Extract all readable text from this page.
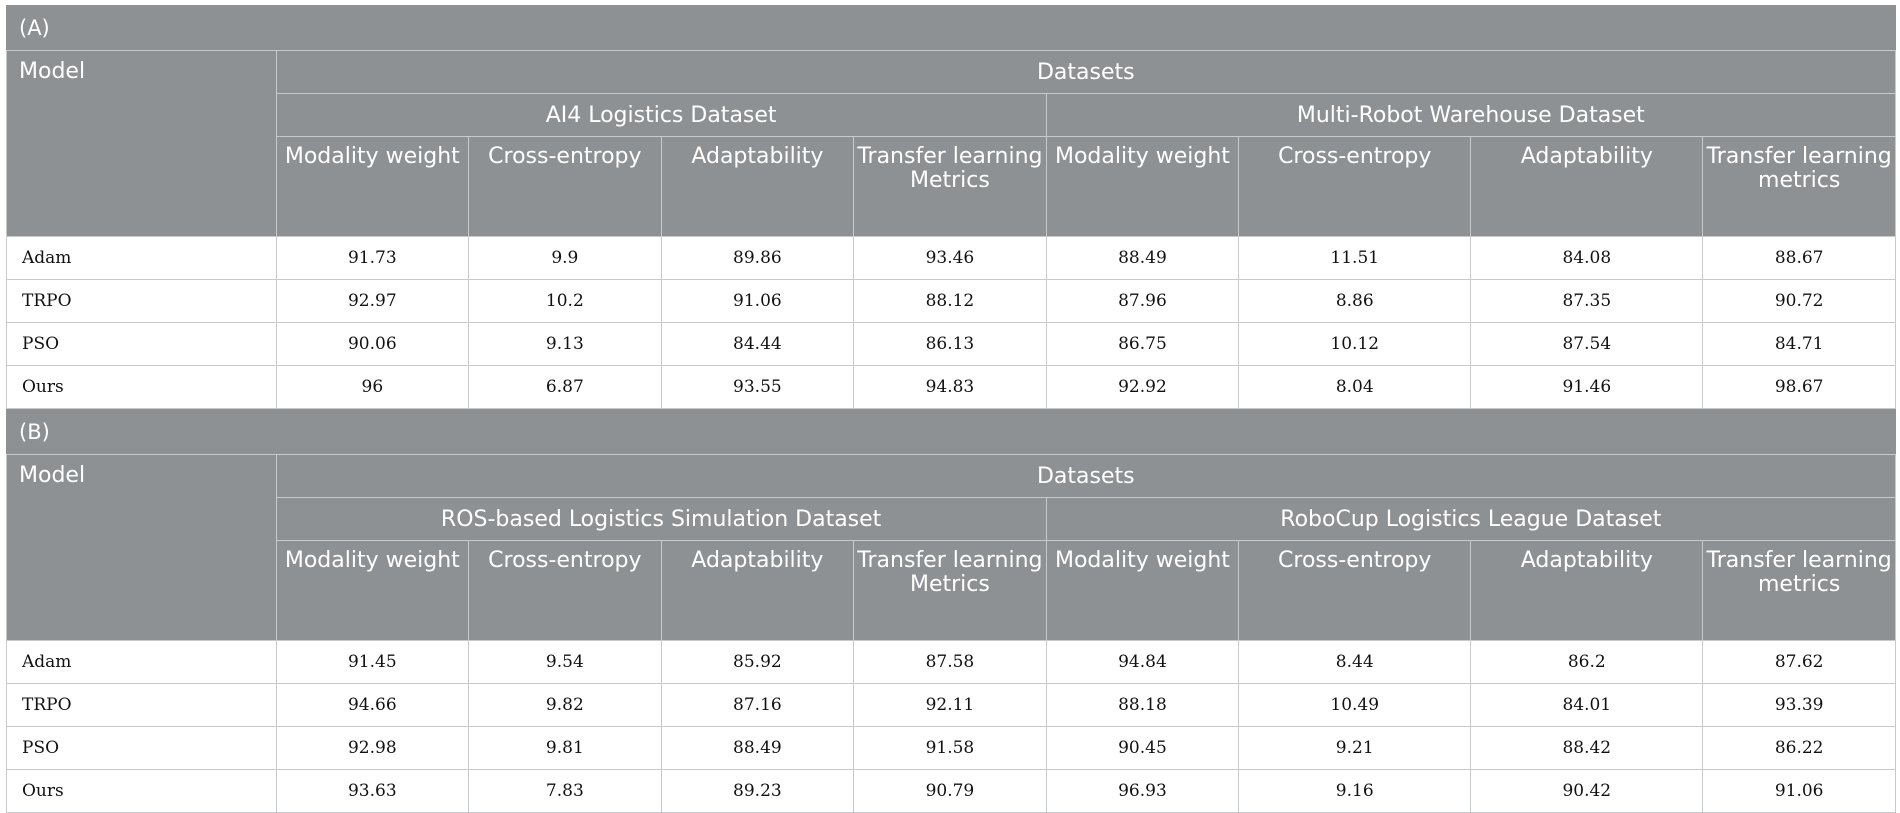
(A)								
Model	Datasets							
	AI4 Logistics Dataset				Multi-Robot Warehouse Dataset			
	Modality weight	Cross-entropy	Adaptability	Transfer learning Metrics	Modality weight	Cross-entropy	Adaptability	Transfer learning metrics
Adam	91.73	9.9	89.86	93.46	88.49	11.51	84.08	88.67
TRPO	92.97	10.2	91.06	88.12	87.96	8.86	87.35	90.72
PSO	90.06	9.13	84.44	86.13	86.75	10.12	87.54	84.71
Ours	96	6.87	93.55	94.83	92.92	8.04	91.46	98.67
(B)								
Model	Datasets							
	ROS-based Logistics Simulation Dataset				RoboCup Logistics League Dataset			
	Modality weight	Cross-entropy	Adaptability	Transfer learning Metrics	Modality weight	Cross-entropy	Adaptability	Transfer learning metrics
Adam	91.45	9.54	85.92	87.58	94.84	8.44	86.2	87.62
TRPO	94.66	9.82	87.16	92.11	88.18	10.49	84.01	93.39
PSO	92.98	9.81	88.49	91.58	90.45	9.21	88.42	86.22
Ours	93.63	7.83	89.23	90.79	96.93	9.16	90.42	91.06
